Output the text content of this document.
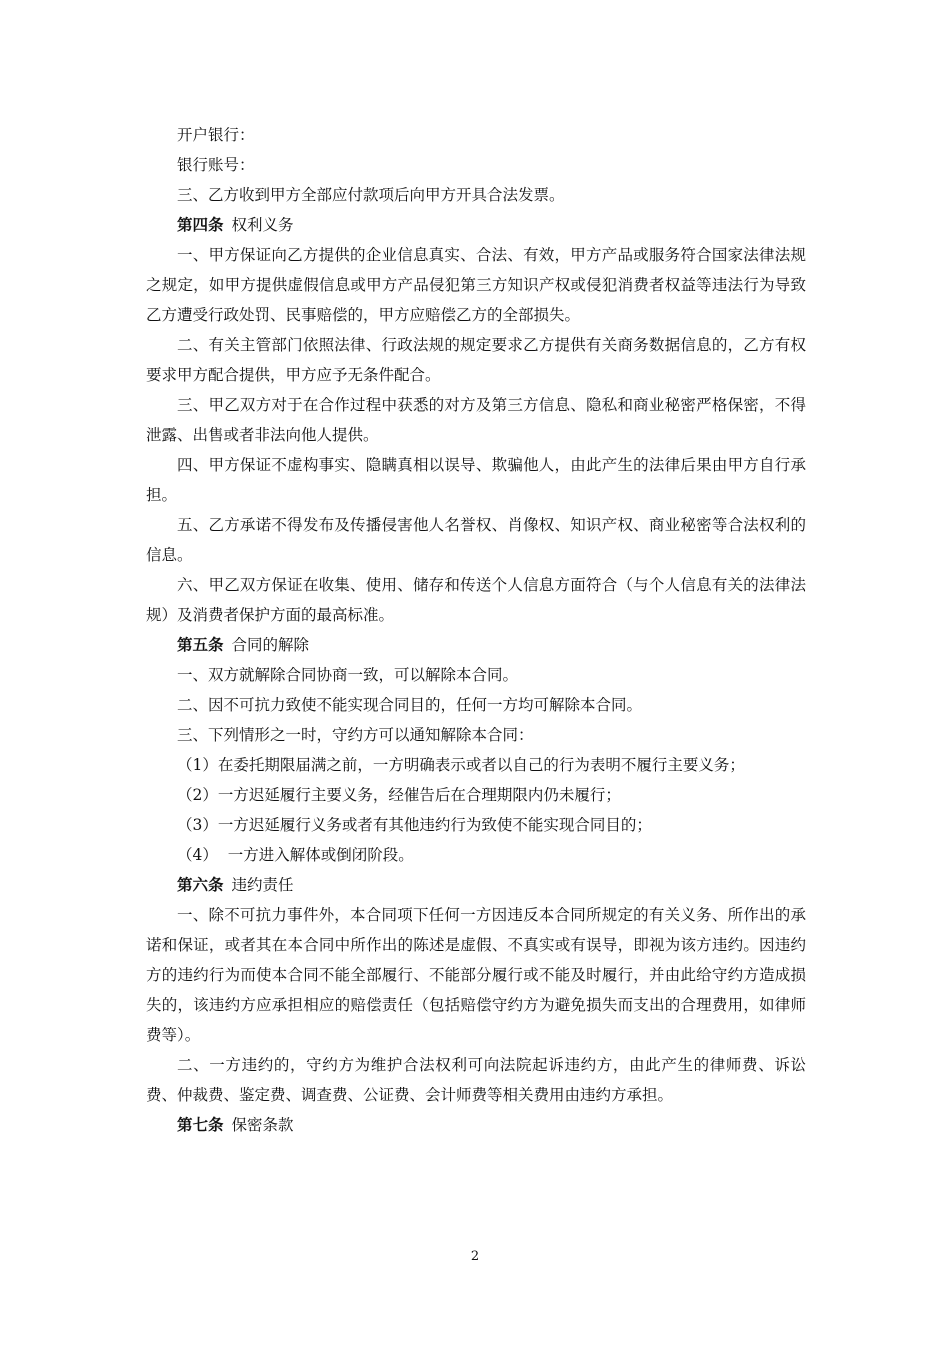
开户银行：

银行账号：

三、乙方收到甲方全部应付款项后向甲方开具合法发票。

第四条 权利义务

一、甲方保证向乙方提供的企业信息真实、合法、有效，甲方产品或服务符合国家法律法规之规定，如甲方提供虚假信息或甲方产品侵犯第三方知识产权或侵犯消费者权益等违法行为导致乙方遭受行政处罚、民事赔偿的，甲方应赔偿乙方的全部损失。

二、有关主管部门依照法律、行政法规的规定要求乙方提供有关商务数据信息的，乙方有权要求甲方配合提供，甲方应予无条件配合。

三、甲乙双方对于在合作过程中获悉的对方及第三方信息、隐私和商业秘密严格保密，不得泄露、出售或者非法向他人提供。

四、甲方保证不虚构事实、隐瞒真相以误导、欺骗他人，由此产生的法律后果由甲方自行承担。

五、乙方承诺不得发布及传播侵害他人名誉权、肖像权、知识产权、商业秘密等合法权利的信息。

六、甲乙双方保证在收集、使用、储存和传送个人信息方面符合（与个人信息有关的法律法规）及消费者保护方面的最高标准。

第五条 合同的解除

一、双方就解除合同协商一致，可以解除本合同。

二、因不可抗力致使不能实现合同目的，任何一方均可解除本合同。

三、下列情形之一时，守约方可以通知解除本合同：

（1）在委托期限届满之前，一方明确表示或者以自己的行为表明不履行主要义务；

（2）一方迟延履行主要义务，经催告后在合理期限内仍未履行；

（3）一方迟延履行义务或者有其他违约行为致使不能实现合同目的；

（4）  一方进入解体或倒闭阶段。

第六条 违约责任

一、除不可抗力事件外，本合同项下任何一方因违反本合同所规定的有关义务、所作出的承诺和保证，或者其在本合同中所作出的陈述是虚假、不真实或有误导，即视为该方违约。因违约方的违约行为而使本合同不能全部履行、不能部分履行或不能及时履行，并由此给守约方造成损失的，该违约方应承担相应的赔偿责任（包括赔偿守约方为避免损失而支出的合理费用，如律师费等）。

二、一方违约的，守约方为维护合法权利可向法院起诉违约方，由此产生的律师费、诉讼费、仲裁费、鉴定费、调查费、公证费、会计师费等相关费用由违约方承担。

第七条 保密条款

2
